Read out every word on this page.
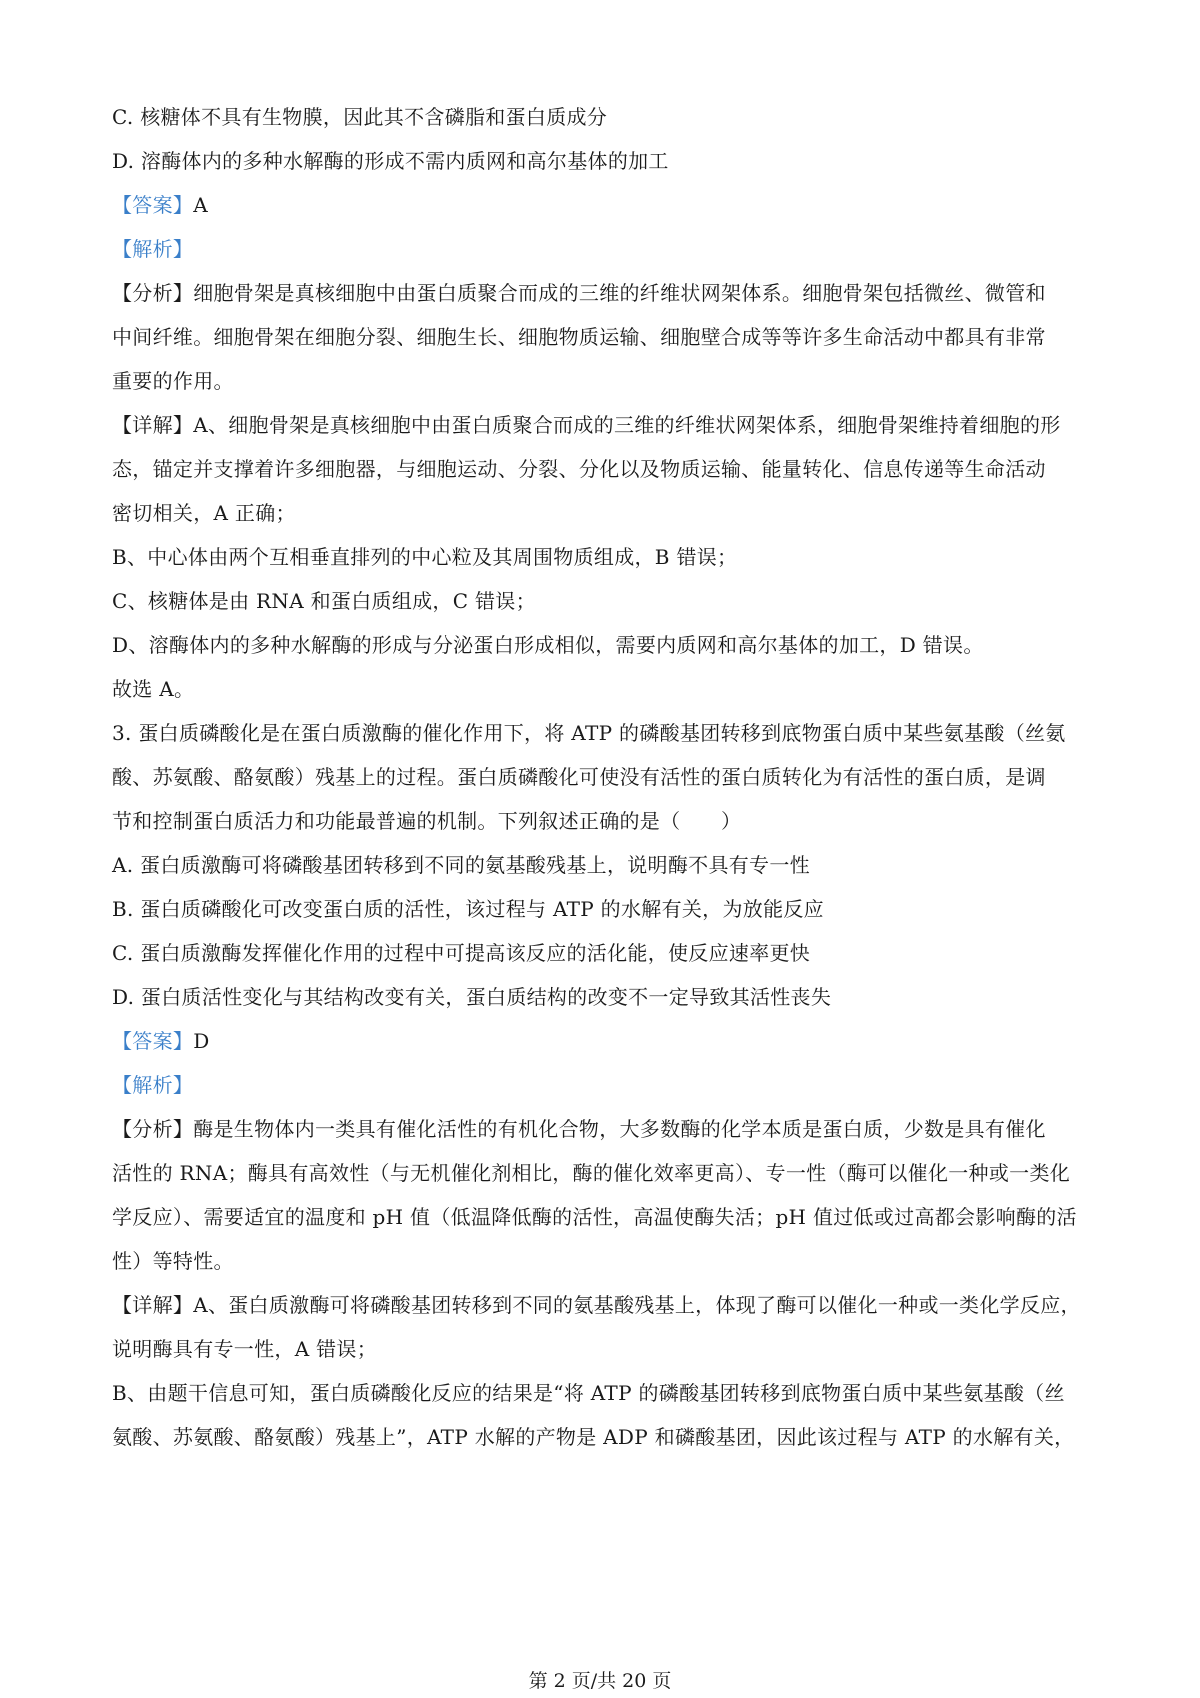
C. 核糖体不具有生物膜，因此其不含磷脂和蛋白质成分
D. 溶酶体内的多种水解酶的形成不需内质网和高尔基体的加工
【答案】A
【解析】
【分析】细胞骨架是真核细胞中由蛋白质聚合而成的三维的纤维状网架体系。细胞骨架包括微丝、微管和
中间纤维。细胞骨架在细胞分裂、细胞生长、细胞物质运输、细胞壁合成等等许多生命活动中都具有非常
重要的作用。
【详解】A、细胞骨架是真核细胞中由蛋白质聚合而成的三维的纤维状网架体系，细胞骨架维持着细胞的形
态，锚定并支撑着许多细胞器，与细胞运动、分裂、分化以及物质运输、能量转化、信息传递等生命活动
密切相关，A 正确；
B、中心体由两个互相垂直排列的中心粒及其周围物质组成，B 错误；
C、核糖体是由 RNA 和蛋白质组成，C 错误；
D、溶酶体内的多种水解酶的形成与分泌蛋白形成相似，需要内质网和高尔基体的加工，D 错误。
故选 A。
3. 蛋白质磷酸化是在蛋白质激酶的催化作用下，将 ATP 的磷酸基团转移到底物蛋白质中某些氨基酸（丝氨
酸、苏氨酸、酪氨酸）残基上的过程。蛋白质磷酸化可使没有活性的蛋白质转化为有活性的蛋白质，是调
节和控制蛋白质活力和功能最普遍的机制。下列叙述正确的是（　　）
A. 蛋白质激酶可将磷酸基团转移到不同的氨基酸残基上，说明酶不具有专一性
B. 蛋白质磷酸化可改变蛋白质的活性，该过程与 ATP 的水解有关，为放能反应
C. 蛋白质激酶发挥催化作用的过程中可提高该反应的活化能，使反应速率更快
D. 蛋白质活性变化与其结构改变有关，蛋白质结构的改变不一定导致其活性丧失
【答案】D
【解析】
【分析】酶是生物体内一类具有催化活性的有机化合物，大多数酶的化学本质是蛋白质，少数是具有催化
活性的 RNA；酶具有高效性（与无机催化剂相比，酶的催化效率更高）、专一性（酶可以催化一种或一类化
学反应）、需要适宜的温度和 pH 值（低温降低酶的活性，高温使酶失活；pH 值过低或过高都会影响酶的活
性）等特性。
【详解】A、蛋白质激酶可将磷酸基团转移到不同的氨基酸残基上，体现了酶可以催化一种或一类化学反应，
说明酶具有专一性，A 错误；
B、由题干信息可知，蛋白质磷酸化反应的结果是“将 ATP 的磷酸基团转移到底物蛋白质中某些氨基酸（丝
氨酸、苏氨酸、酪氨酸）残基上”，ATP 水解的产物是 ADP 和磷酸基团，因此该过程与 ATP 的水解有关，
第 2 页/共 20 页
